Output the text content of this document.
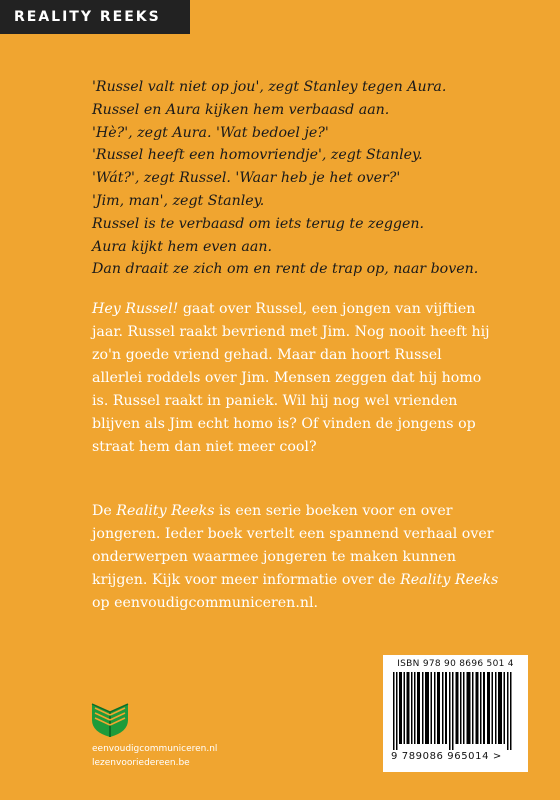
REALITY REEKS
'Russel valt niet op jou', zegt Stanley tegen Aura.
Russel en Aura kijken hem verbaasd aan.
'Hè?', zegt Aura. 'Wat bedoel je?'
'Russel heeft een homovriendje', zegt Stanley.
'Wát?', zegt Russel. 'Waar heb je het over?'
'Jim, man', zegt Stanley.
Russel is te verbaasd om iets terug te zeggen.
Aura kijkt hem even aan.
Dan draait ze zich om en rent de trap op, naar boven.
Hey Russel! gaat over Russel, een jongen van vijftien jaar. Russel raakt bevriend met Jim. Nog nooit heeft hij zo'n goede vriend gehad. Maar dan hoort Russel allerlei roddels over Jim. Mensen zeggen dat hij homo is. Russel raakt in paniek. Wil hij nog wel vrienden blijven als Jim echt homo is? Of vinden de jongens op straat hem dan niet meer cool?
De Reality Reeks is een serie boeken voor en over jongeren. Ieder boek vertelt een spannend verhaal over onderwerpen waarmee jongeren te maken kunnen krijgen. Kijk voor meer informatie over de Reality Reeks op eenvoudigcommuniceren.nl.
eenvoudigcommuniceren.nl
lezenvooriedereen.be
ISBN 978 90 8696 501 4
9 789086 965014 >
